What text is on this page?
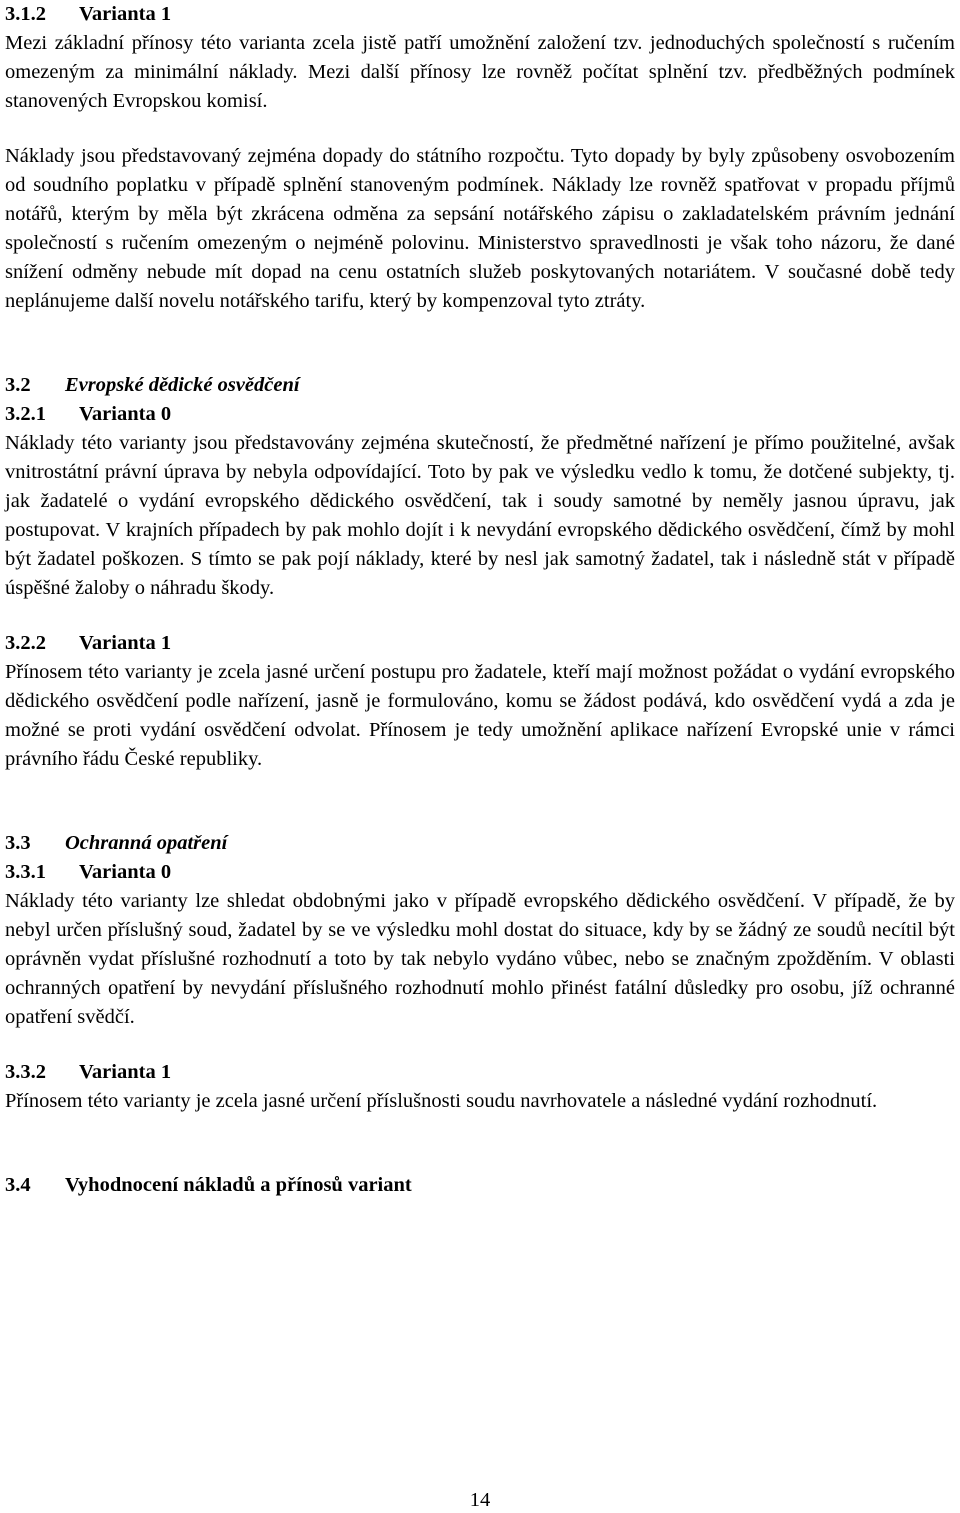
3.1.2 Varianta 1

Mezi základní přínosy této varianta zcela jistě patří umožnění založení tzv. jednoduchých společností s ručením omezeným za minimální náklady. Mezi další přínosy lze rovněž počítat splnění tzv. předběžných podmínek stanovených Evropskou komisí.

Náklady jsou představovaný zejména dopady do státního rozpočtu. Tyto dopady by byly způsobeny osvobozením od soudního poplatku v případě splnění stanoveným podmínek. Náklady lze rovněž spatřovat v propadu příjmů notářů, kterým by měla být zkrácena odměna za sepsání notářského zápisu o zakladatelském právním jednání společností s ručením omezeným o nejméně polovinu. Ministerstvo spravedlnosti je však toho názoru, že dané snížení odměny nebude mít dopad na cenu ostatních služeb poskytovaných notariátem. V současné době tedy neplánujeme další novelu notářského tarifu, který by kompenzoval tyto ztráty.

3.2 Evropské dědické osvědčení
3.2.1 Varianta 0

Náklady této varianty jsou představovány zejména skutečností, že předmětné nařízení je přímo použitelné, avšak vnitrostátní právní úprava by nebyla odpovídající. Toto by pak ve výsledku vedlo k tomu, že dotčené subjekty, tj. jak žadatelé o vydání evropského dědického osvědčení, tak i soudy samotné by neměly jasnou úpravu, jak postupovat. V krajních případech by pak mohlo dojít i k nevydání evropského dědického osvědčení, čímž by mohl být žadatel poškozen. S tímto se pak pojí náklady, které by nesl jak samotný žadatel, tak i následně stát v případě úspěšné žaloby o náhradu škody.

3.2.2 Varianta 1

Přínosem této varianty je zcela jasné určení postupu pro žadatele, kteří mají možnost požádat o vydání evropského dědického osvědčení podle nařízení, jasně je formulováno, komu se žádost podává, kdo osvědčení vydá a zda je možné se proti vydání osvědčení odvolat. Přínosem je tedy umožnění aplikace nařízení Evropské unie v rámci právního řádu České republiky.

3.3 Ochranná opatření
3.3.1 Varianta 0

Náklady této varianty lze shledat obdobnými jako v případě evropského dědického osvědčení. V případě, že by nebyl určen příslušný soud, žadatel by se ve výsledku mohl dostat do situace, kdy by se žádný ze soudů necítil být oprávněn vydat příslušné rozhodnutí a toto by tak nebylo vydáno vůbec, nebo se značným zpožděním. V oblasti ochranných opatření by nevydání příslušného rozhodnutí mohlo přinést fatální důsledky pro osobu, jíž ochranné opatření svědčí.

3.3.2 Varianta 1

Přínosem této varianty je zcela jasné určení příslušnosti soudu navrhovatele a následné vydání rozhodnutí.

3.4 Vyhodnocení nákladů a přínosů variant
14
